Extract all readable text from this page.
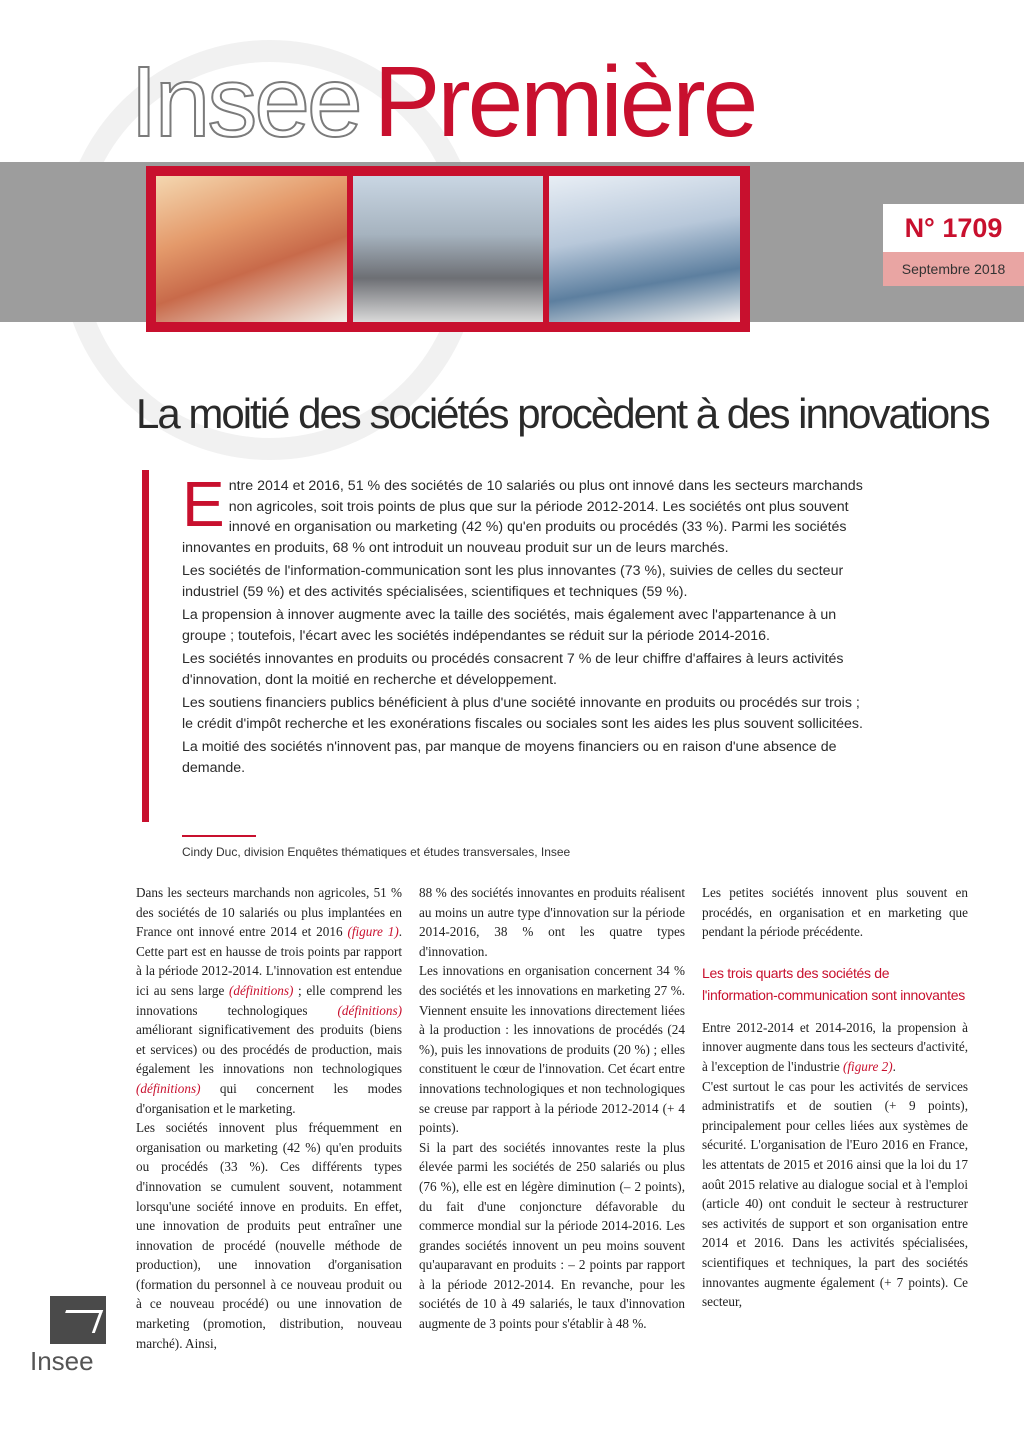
Insee Première
N° 1709
Septembre 2018
La moitié des sociétés procèdent à des innovations

Entre 2014 et 2016, 51 % des sociétés de 10 salariés ou plus ont innové dans les secteurs marchands non agricoles, soit trois points de plus que sur la période 2012-2014. Les sociétés ont plus souvent innové en organisation ou marketing (42 %) qu'en produits ou procédés (33 %). Parmi les sociétés innovantes en produits, 68 % ont introduit un nouveau produit sur un de leurs marchés.

Les sociétés de l'information-communication sont les plus innovantes (73 %), suivies de celles du secteur industriel (59 %) et des activités spécialisées, scientifiques et techniques (59 %).

La propension à innover augmente avec la taille des sociétés, mais également avec l'appartenance à un groupe ; toutefois, l'écart avec les sociétés indépendantes se réduit sur la période 2014-2016.

Les sociétés innovantes en produits ou procédés consacrent 7 % de leur chiffre d'affaires à leurs activités d'innovation, dont la moitié en recherche et développement.

Les soutiens financiers publics bénéficient à plus d'une société innovante en produits ou procédés sur trois ; le crédit d'impôt recherche et les exonérations fiscales ou sociales sont les aides les plus souvent sollicitées.

La moitié des sociétés n'innovent pas, par manque de moyens financiers ou en raison d'une absence de demande.

Cindy Duc, division Enquêtes thématiques et études transversales, Insee

Dans les secteurs marchands non agricoles, 51 % des sociétés de 10 salariés ou plus implantées en France ont innové entre 2014 et 2016 (figure 1). Cette part est en hausse de trois points par rapport à la période 2012-2014. L'innovation est entendue ici au sens large (définitions) ; elle comprend les innovations technologiques (définitions) améliorant significativement des produits (biens et services) ou des procédés de production, mais également les innovations non technologiques (définitions) qui concernent les modes d'organisation et le marketing.

Les sociétés innovent plus fréquemment en organisation ou marketing (42 %) qu'en produits ou procédés (33 %). Ces différents types d'innovation se cumulent souvent, notamment lorsqu'une société innove en produits. En effet, une innovation de produits peut entraîner une innovation de procédé (nouvelle méthode de production), une innovation d'organisation (formation du personnel à ce nouveau produit ou à ce nouveau procédé) ou une innovation de marketing (promotion, distribution, nouveau marché). Ainsi,

88 % des sociétés innovantes en produits réalisent au moins un autre type d'innovation sur la période 2014-2016, 38 % ont les quatre types d'innovation.

Les innovations en organisation concernent 34 % des sociétés et les innovations en marketing 27 %. Viennent ensuite les innovations directement liées à la production : les innovations de procédés (24 %), puis les innovations de produits (20 %) ; elles constituent le cœur de l'innovation. Cet écart entre innovations technologiques et non technologiques se creuse par rapport à la période 2012-2014 (+ 4 points).

Si la part des sociétés innovantes reste la plus élevée parmi les sociétés de 250 salariés ou plus (76 %), elle est en légère diminution (– 2 points), du fait d'une conjoncture défavorable du commerce mondial sur la période 2014-2016. Les grandes sociétés innovent un peu moins souvent qu'auparavant en produits : – 2 points par rapport à la période 2012-2014. En revanche, pour les sociétés de 10 à 49 salariés, le taux d'innovation augmente de 3 points pour s'établir à 48 %.

Les petites sociétés innovent plus souvent en procédés, en organisation et en marketing que pendant la période précédente.

Les trois quarts des sociétés de l'information-communication sont innovantes

Entre 2012-2014 et 2014-2016, la propension à innover augmente dans tous les secteurs d'activité, à l'exception de l'industrie (figure 2).

C'est surtout le cas pour les activités de services administratifs et de soutien (+ 9 points), principalement pour celles liées aux systèmes de sécurité. L'organisation de l'Euro 2016 en France, les attentats de 2015 et 2016 ainsi que la loi du 17 août 2015 relative au dialogue social et à l'emploi (article 40) ont conduit le secteur à restructurer ses activités de support et son organisation entre 2014 et 2016. Dans les activités spécialisées, scientifiques et techniques, la part des sociétés innovantes augmente également (+ 7 points). Ce secteur,

Insee
